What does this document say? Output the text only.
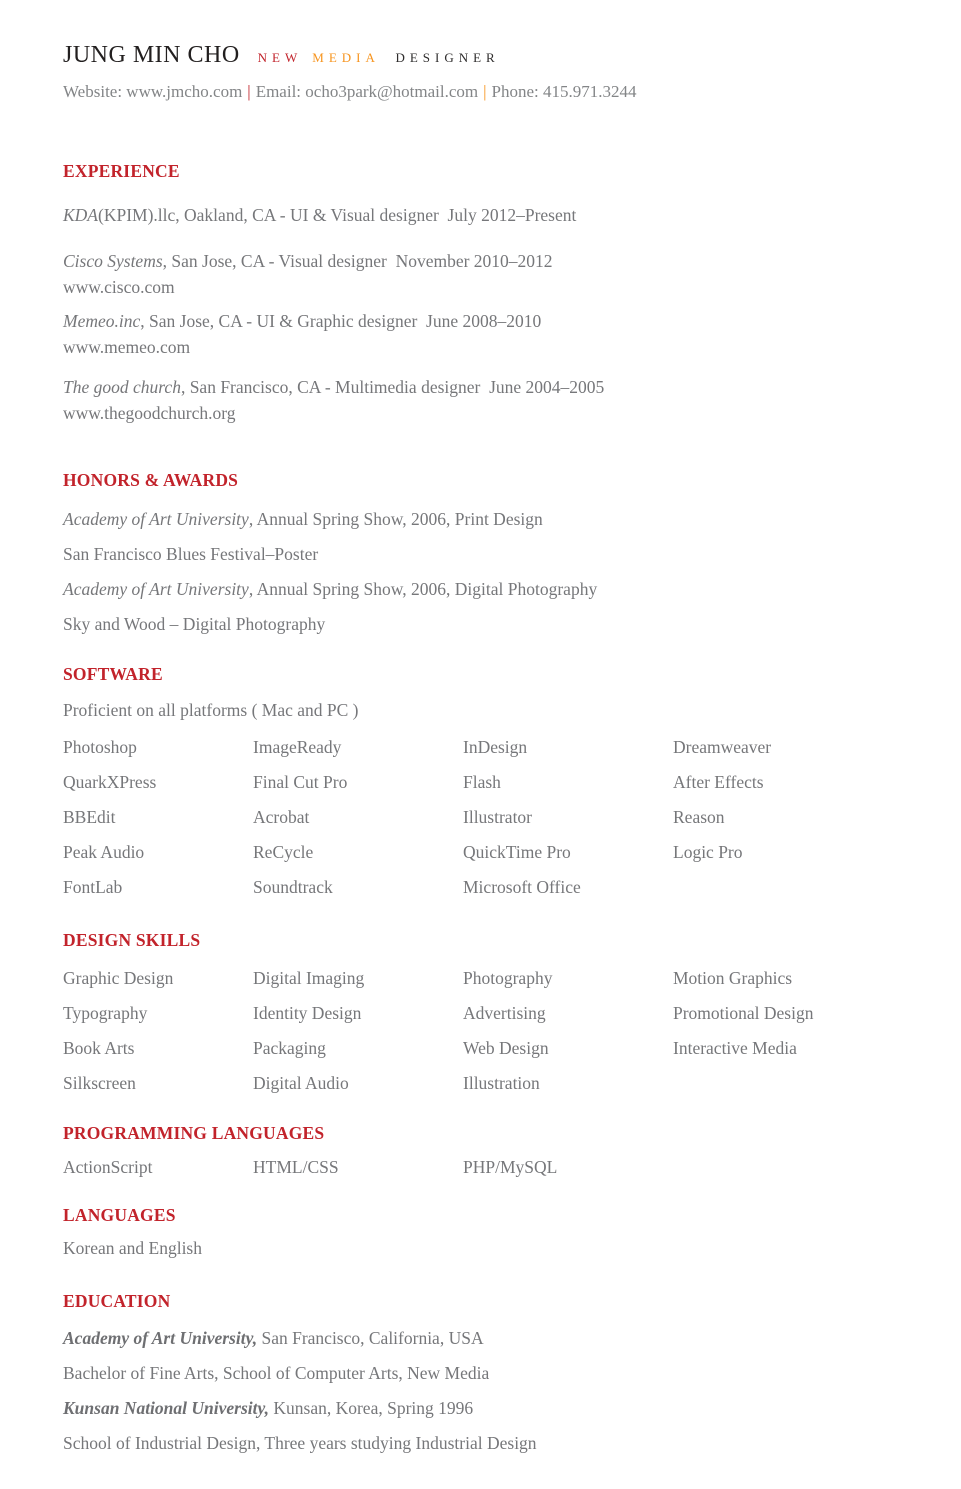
JUNG MIN CHO NEW MEDIA DESIGNER
Website: www.jmcho.com | Email: ocho3park@hotmail.com | Phone: 415.971.3244
EXPERIENCE

KDA(KPIM).llc, Oakland, CA - UI & Visual designer  July 2012–Present

Cisco Systems, San Jose, CA - Visual designer  November 2010–2012

www.cisco.com

Memeo.inc, San Jose, CA - UI & Graphic designer  June 2008–2010

www.memeo.com

The good church, San Francisco, CA - Multimedia designer  June 2004–2005

www.thegoodchurch.org

HONORS & AWARDS

Academy of Art University, Annual Spring Show, 2006, Print Design

San Francisco Blues Festival–Poster

Academy of Art University, Annual Spring Show, 2006, Digital Photography

Sky and Wood – Digital Photography

SOFTWARE

Proficient on all platforms ( Mac and PC )

Photoshop	ImageReady	InDesign	Dreamweaver
QuarkXPress	Final Cut Pro	Flash	After Effects
BBEdit	Acrobat	Illustrator	Reason
Peak Audio	ReCycle	QuickTime Pro	Logic Pro
FontLab	Soundtrack	Microsoft Office
DESIGN SKILLS
Graphic Design	Digital Imaging	Photography	Motion Graphics
Typography	Identity Design	Advertising	Promotional Design
Book Arts	Packaging	Web Design	Interactive Media
Silkscreen	Digital Audio	Illustration
PROGRAMMING LANGUAGES
ActionScript	HTML/CSS	PHP/MySQL
LANGUAGES

Korean and English

EDUCATION

Academy of Art University, San Francisco, California, USA

Bachelor of Fine Arts, School of Computer Arts, New Media

Kunsan National University, Kunsan, Korea, Spring 1996

School of Industrial Design, Three years studying Industrial Design
